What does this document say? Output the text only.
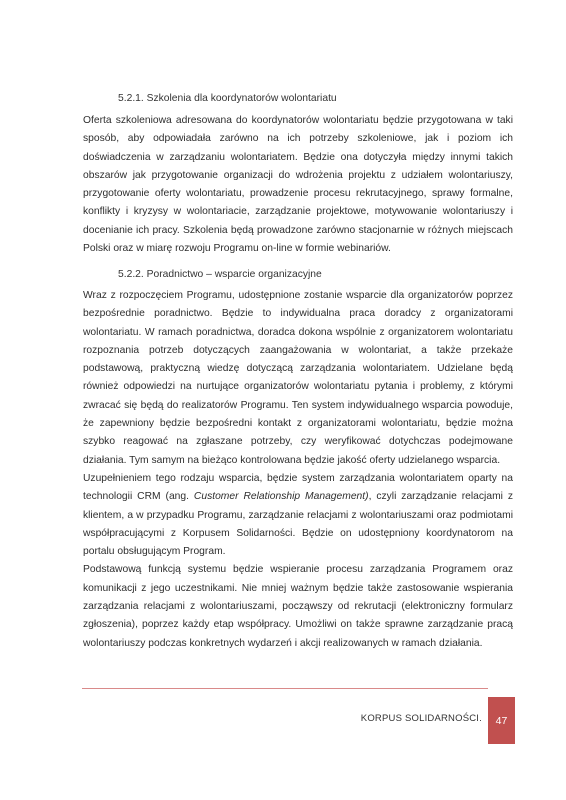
5.2.1. Szkolenia dla koordynatorów wolontariatu

Oferta szkoleniowa adresowana do koordynatorów wolontariatu będzie przygotowana w taki sposób, aby odpowiadała zarówno na ich potrzeby szkoleniowe, jak i poziom ich doświadczenia w zarządzaniu wolontariatem. Będzie ona dotyczyła między innymi takich obszarów jak przygotowanie organizacji do wdrożenia projektu z udziałem wolontariuszy, przygotowanie oferty wolontariatu, prowadzenie procesu rekrutacyjnego, sprawy formalne, konflikty i kryzysy w wolontariacie, zarządzanie projektowe, motywowanie wolontariuszy i docenianie ich pracy. Szkolenia będą prowadzone zarówno stacjonarnie w różnych miejscach Polski oraz w miarę rozwoju Programu on-line w formie webinariów.

5.2.2. Poradnictwo – wsparcie organizacyjne

Wraz z rozpoczęciem Programu, udostępnione zostanie wsparcie dla organizatorów poprzez bezpośrednie poradnictwo. Będzie to indywidualna praca doradcy z organizatorami wolontariatu. W ramach poradnictwa, doradca dokona wspólnie z organizatorem wolontariatu rozpoznania potrzeb dotyczących zaangażowania w wolontariat, a także przekaże podstawową, praktyczną wiedzę dotyczącą zarządzania wolontariatem. Udzielane będą również odpowiedzi na nurtujące organizatorów wolontariatu pytania i problemy, z którymi zwracać się będą do realizatorów Programu. Ten system indywidualnego wsparcia powoduje, że zapewniony będzie bezpośredni kontakt z organizatorami wolontariatu, będzie można szybko reagować na zgłaszane potrzeby, czy weryfikować dotychczas podejmowane działania. Tym samym na bieżąco kontrolowana będzie jakość oferty udzielanego wsparcia.

Uzupełnieniem tego rodzaju wsparcia, będzie system zarządzania wolontariatem oparty na technologii CRM (ang. Customer Relationship Management), czyli zarządzanie relacjami z klientem, a w przypadku Programu, zarządzanie relacjami z wolontariuszami oraz podmiotami współpracującymi z Korpusem Solidarności. Będzie on udostępniony koordynatorom na portalu obsługującym Program.

Podstawową funkcją systemu będzie wspieranie procesu zarządzania Programem oraz komunikacji z jego uczestnikami. Nie mniej ważnym będzie także zastosowanie wspierania zarządzania relacjami z wolontariuszami, począwszy od rekrutacji (elektroniczny formularz zgłoszenia), poprzez każdy etap współpracy. Umożliwi on także sprawne zarządzanie pracą wolontariuszy podczas konkretnych wydarzeń i akcji realizowanych w ramach działania.

KORPUS SOLIDARNOŚCI. 47
